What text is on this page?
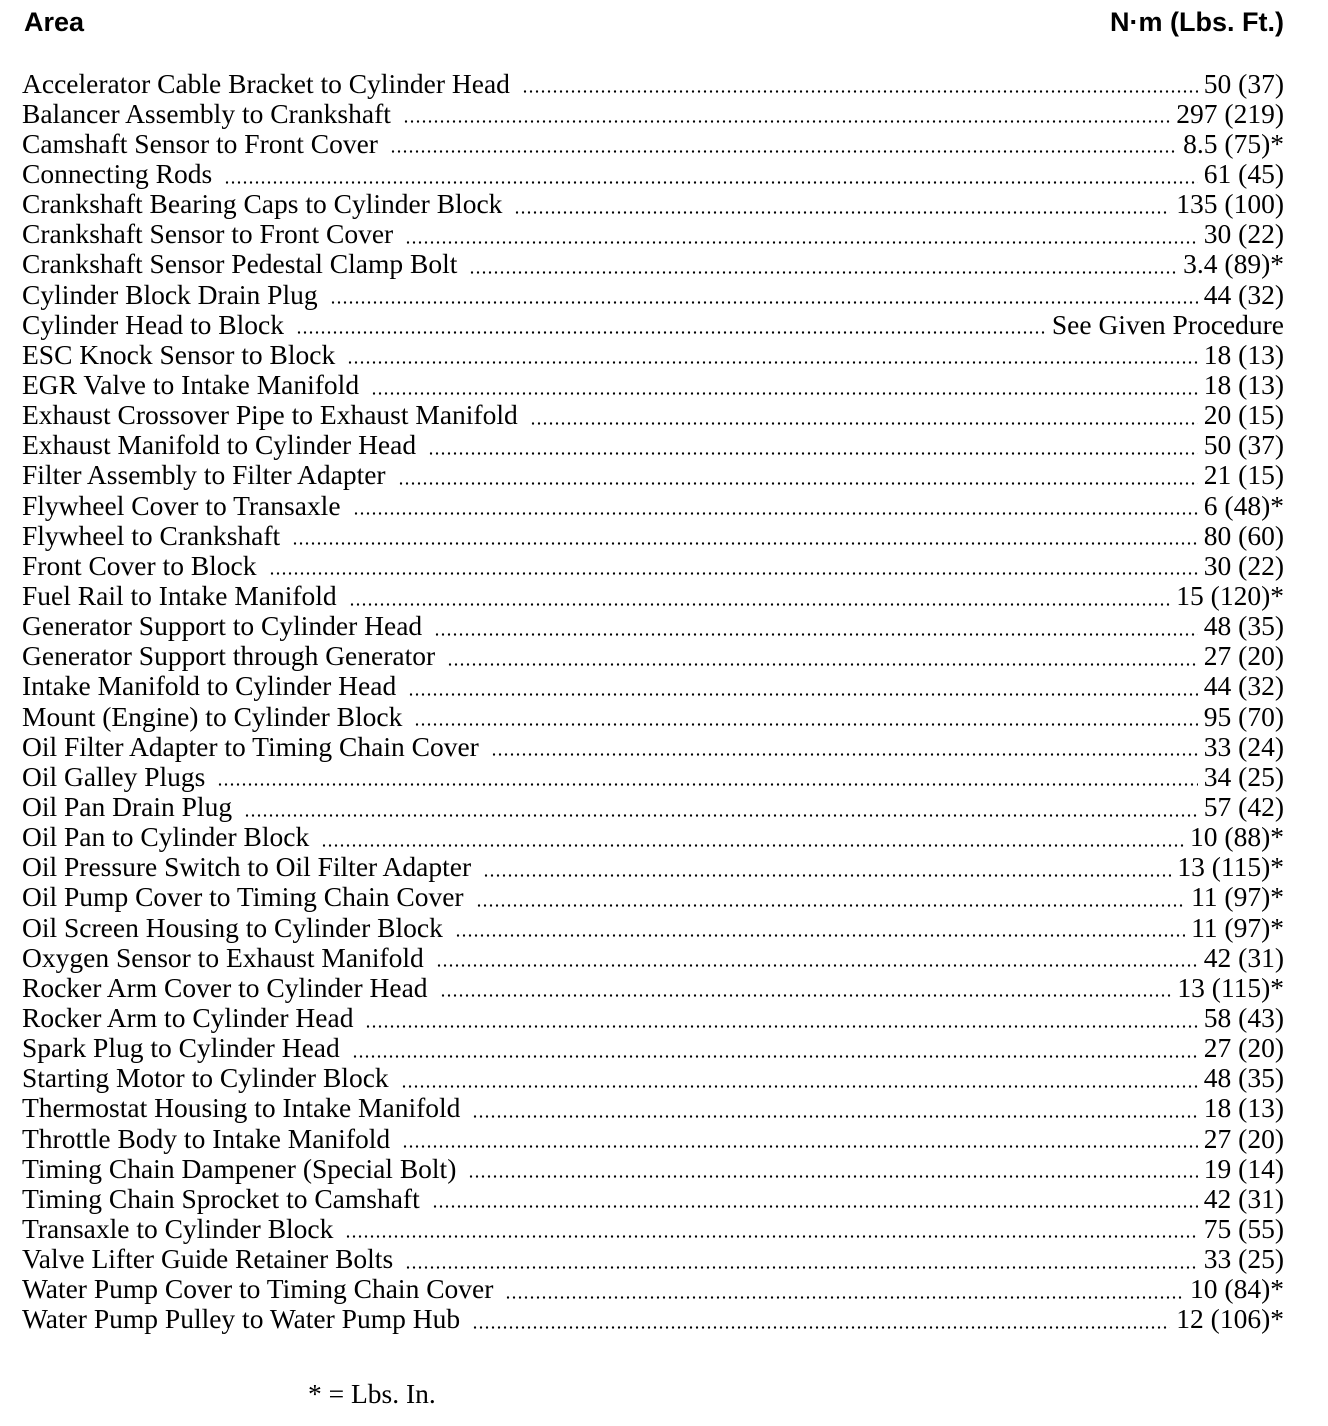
Area	N·m (Lbs. Ft.)
Accelerator Cable Bracket to Cylinder Head	50 (37)
Balancer Assembly to Crankshaft	297 (219)
Camshaft Sensor to Front Cover	8.5 (75)*
Connecting Rods	61 (45)
Crankshaft Bearing Caps to Cylinder Block	135 (100)
Crankshaft Sensor to Front Cover	30 (22)
Crankshaft Sensor Pedestal Clamp Bolt	3.4 (89)*
Cylinder Block Drain Plug	44 (32)
Cylinder Head to Block	See Given Procedure
ESC Knock Sensor to Block	18 (13)
EGR Valve to Intake Manifold	18 (13)
Exhaust Crossover Pipe to Exhaust Manifold	20 (15)
Exhaust Manifold to Cylinder Head	50 (37)
Filter Assembly to Filter Adapter	21 (15)
Flywheel Cover to Transaxle	6 (48)*
Flywheel to Crankshaft	80 (60)
Front Cover to Block	30 (22)
Fuel Rail to Intake Manifold	15 (120)*
Generator Support to Cylinder Head	48 (35)
Generator Support through Generator	27 (20)
Intake Manifold to Cylinder Head	44 (32)
Mount (Engine) to Cylinder Block	95 (70)
Oil Filter Adapter to Timing Chain Cover	33 (24)
Oil Galley Plugs	34 (25)
Oil Pan Drain Plug	57 (42)
Oil Pan to Cylinder Block	10 (88)*
Oil Pressure Switch to Oil Filter Adapter	13 (115)*
Oil Pump Cover to Timing Chain Cover	11 (97)*
Oil Screen Housing to Cylinder Block	11 (97)*
Oxygen Sensor to Exhaust Manifold	42 (31)
Rocker Arm Cover to Cylinder Head	13 (115)*
Rocker Arm to Cylinder Head	58 (43)
Spark Plug to Cylinder Head	27 (20)
Starting Motor to Cylinder Block	48 (35)
Thermostat Housing to Intake Manifold	18 (13)
Throttle Body to Intake Manifold	27 (20)
Timing Chain Dampener (Special Bolt)	19 (14)
Timing Chain Sprocket to Camshaft	42 (31)
Transaxle to Cylinder Block	75 (55)
Valve Lifter Guide Retainer Bolts	33 (25)
Water Pump Cover to Timing Chain Cover	10 (84)*
Water Pump Pulley to Water Pump Hub	12 (106)*
* = Lbs. In.
